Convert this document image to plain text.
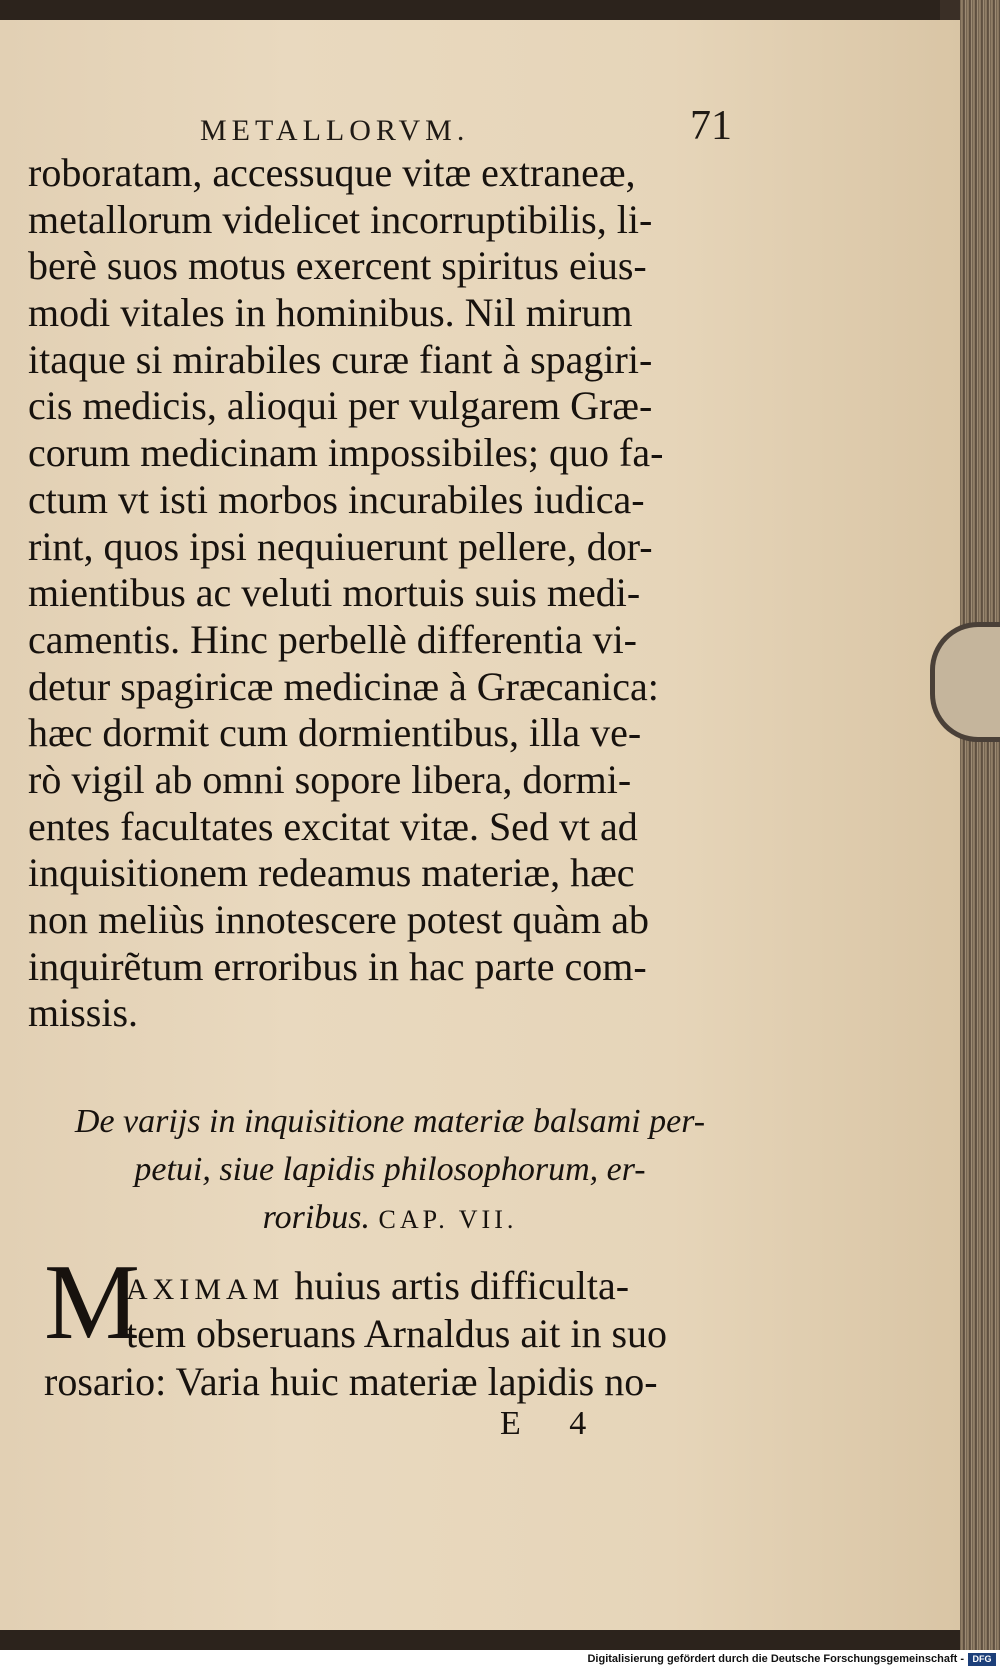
METALLORVM.	71
roboratam, accessuque vitæ extraneæ,
metallorum videlicet incorruptibilis, li-
berè suos motus exercent spiritus eius-
modi vitales in hominibus. Nil mirum
itaque si mirabiles curæ fiant à spagiri-
cis medicis, alioqui per vulgarem Græ-
corum medicinam impossibiles; quo fa-
ctum vt isti morbos incurabiles iudica-
rint, quos ipsi nequiuerunt pellere, dor-
mientibus ac veluti mortuis suis medi-
camentis. Hinc perbellè differentia vi-
detur spagiricæ medicinæ à Græcanica:
hæc dormit cum dormientibus, illa ve-
rò vigil ab omni sopore libera, dormi-
entes facultates excitat vitæ. Sed vt ad
inquisitionem redeamus materiæ, hæc
non meliùs innotescere potest quàm ab
inquirẽtum erroribus in hac parte com-
missis.
De varijs in inquisitione materiæ balsami per-
petui, siue lapidis philosophorum, er-
roribus. CAP. VII.
M
AXIMAM huius artis difficulta-
tem obseruans Arnaldus ait in suo
rosario: Varia huic materiæ lapidis no-
E 4
Digitalisierung gefördert durch die Deutsche Forschungsgemeinschaft - DFG
